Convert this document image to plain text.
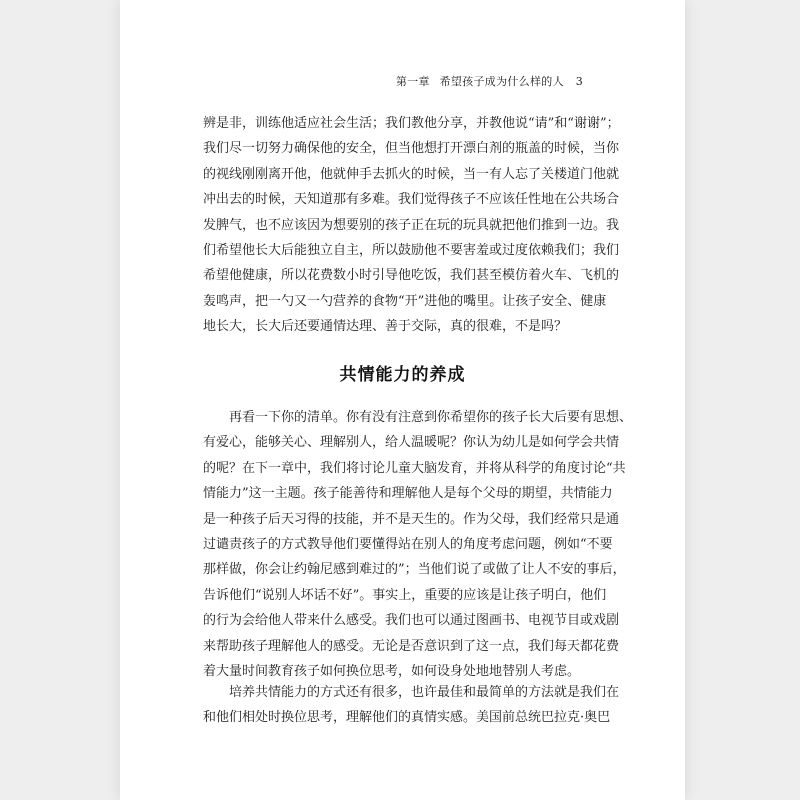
第一章 希望孩子成为什么样的人 3
辨是非，训练他适应社会生活；我们教他分享，并教他说“请”和“谢谢”；
我们尽一切努力确保他的安全，但当他想打开漂白剂的瓶盖的时候，当你
的视线刚刚离开他，他就伸手去抓火的时候，当一有人忘了关楼道门他就
冲出去的时候，天知道那有多难。我们觉得孩子不应该任性地在公共场合
发脾气，也不应该因为想要别的孩子正在玩的玩具就把他们推到一边。我
们希望他长大后能独立自主，所以鼓励他不要害羞或过度依赖我们；我们
希望他健康，所以花费数小时引导他吃饭，我们甚至模仿着火车、飞机的
轰鸣声，把一勺又一勺营养的食物“开”进他的嘴里。让孩子安全、健康
地长大，长大后还要通情达理、善于交际，真的很难，不是吗？
共情能力的养成
再看一下你的清单。你有没有注意到你希望你的孩子长大后要有思想、
有爱心，能够关心、理解别人，给人温暖呢？你认为幼儿是如何学会共情
的呢？在下一章中，我们将讨论儿童大脑发育，并将从科学的角度讨论“共
情能力”这一主题。孩子能善待和理解他人是每个父母的期望，共情能力
是一种孩子后天习得的技能，并不是天生的。作为父母，我们经常只是通
过谴责孩子的方式教导他们要懂得站在别人的角度考虑问题，例如“不要
那样做，你会让约翰尼感到难过的”；当他们说了或做了让人不安的事后，
告诉他们“说别人坏话不好”。事实上，重要的应该是让孩子明白，他们
的行为会给他人带来什么感受。我们也可以通过图画书、电视节目或戏剧
来帮助孩子理解他人的感受。无论是否意识到了这一点，我们每天都花费
着大量时间教育孩子如何换位思考，如何设身处地地替别人考虑。
培养共情能力的方式还有很多，也许最佳和最简单的方法就是我们在
和他们相处时换位思考，理解他们的真情实感。美国前总统巴拉克·奥巴
